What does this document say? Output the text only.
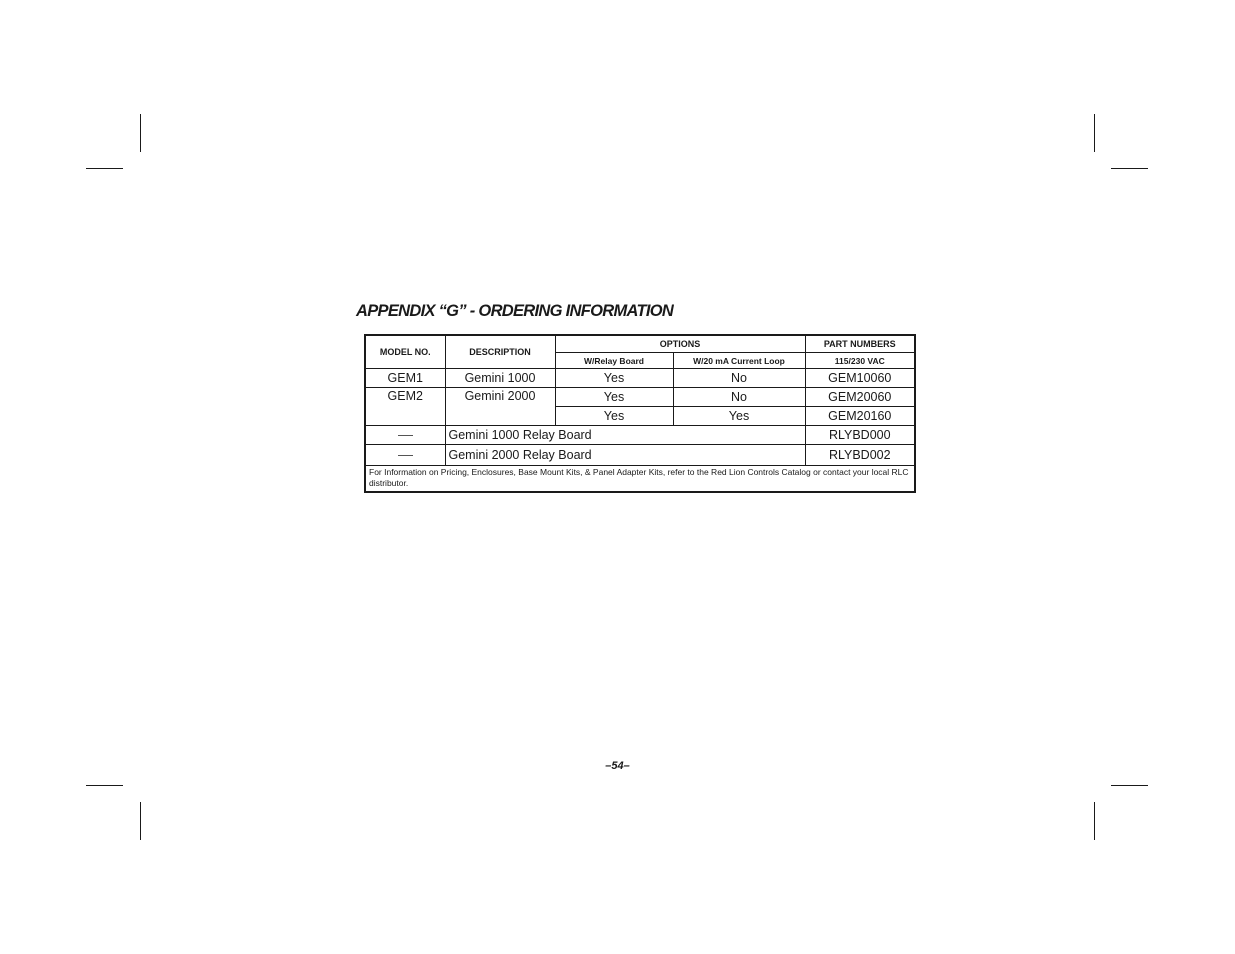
APPENDIX “G” - ORDERING INFORMATION
MODEL NO.	DESCRIPTION	OPTIONS		PART NUMBERS
		W/Relay Board	W/20 mA Current Loop	115/230 VAC
GEM1	Gemini 1000	Yes	No	GEM10060
GEM2	Gemini 2000	Yes	No	GEM20060
		Yes	Yes	GEM20160
	Gemini 1000 Relay Board			RLYBD000
	Gemini 2000 Relay Board			RLYBD002
For Information on Pricing, Enclosures, Base Mount Kits, & Panel Adapter Kits, refer to the Red Lion Controls Catalog or contact your local RLC distributor.				
–54–
